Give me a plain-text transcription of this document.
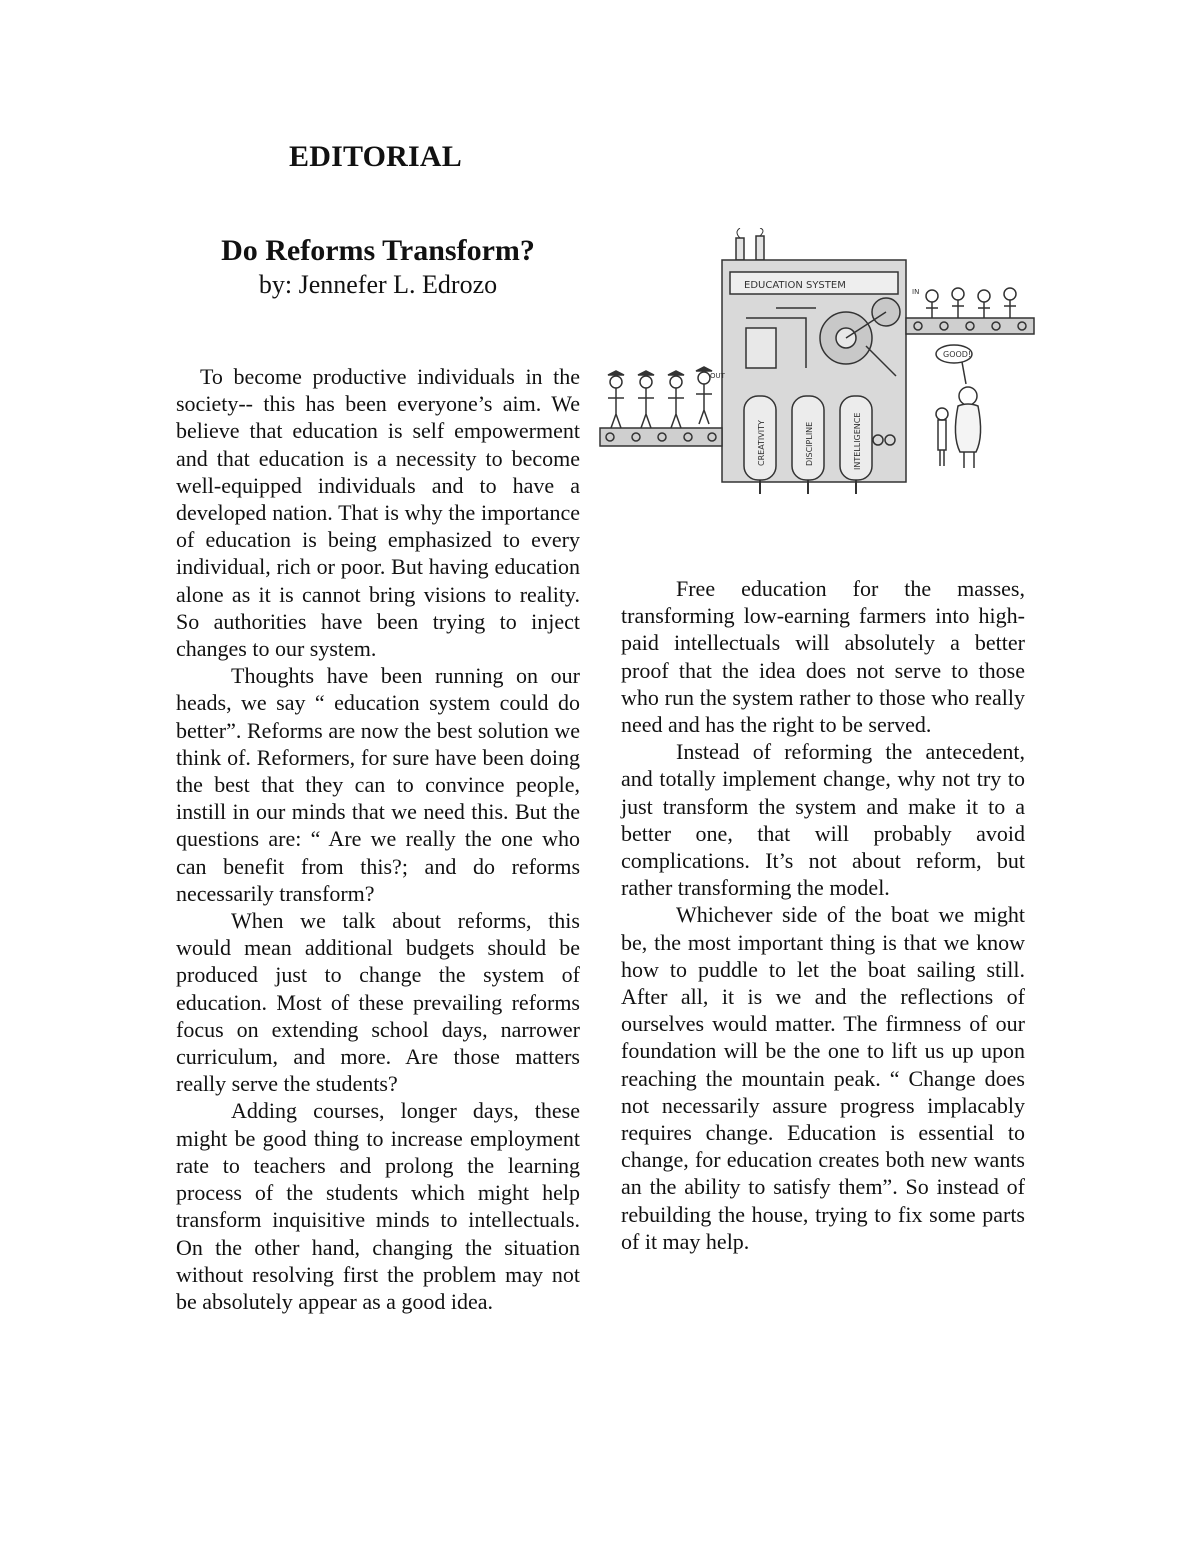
EDITORIAL
Do Reforms Transform?
by: Jennefer L. Edrozo

To become productive individuals in the society-- this has been everyone’s aim. We believe that education is self empowerment and that education is a necessity to become well-equipped individuals and to have a developed nation. That is why the importance of education is being emphasized to every individual, rich or poor. But having education alone as it is cannot bring visions to reality. So authorities have been trying to inject changes to our system.

Thoughts have been running on our heads, we say “ education system could do better”. Reforms are now the best solution we think of. Reformers, for sure have been doing the best that they can to convince people, instill in our minds that we need this. But the questions are: “ Are we really the one who can benefit from this?; and do reforms necessarily transform?

When we talk about reforms, this would mean additional budgets should be produced just to change the system of education. Most of these prevailing reforms focus on extending school days, narrower curriculum, and more. Are those matters really serve the students?

Adding courses, longer days, these might be good thing to increase employment rate to teachers and prolong the learning process of the students which might help transform inquisitive minds to intellectuals. On the other hand, changing the situation without resolving first the problem may not be absolutely appear as a good idea.

EDUCATION SYSTEM
OUT
IN
GOOD!
CREATIVITY	DISCIPLINE	INTELLIGENCE

Free education for the masses, transforming low-earning farmers into high-paid intellectuals will absolutely a better proof that the idea does not serve to those who run the system rather to those who really need and has the right to be served.

Instead of reforming the antecedent, and totally implement change, why not try to just transform the system and make it to a better one, that will probably avoid complications. It’s not about reform, but rather transforming the model.

Whichever side of the boat we might be, the most important thing is that we know how to puddle to let the boat sailing still. After all, it is we and the reflections of ourselves would matter. The firmness of our foundation will be the one to lift us up upon reaching the mountain peak. “ Change does not necessarily assure progress implacably requires change. Education is essential to change, for education creates both new wants an the ability to satisfy them”. So instead of rebuilding the house, trying to fix some parts of it may help.
